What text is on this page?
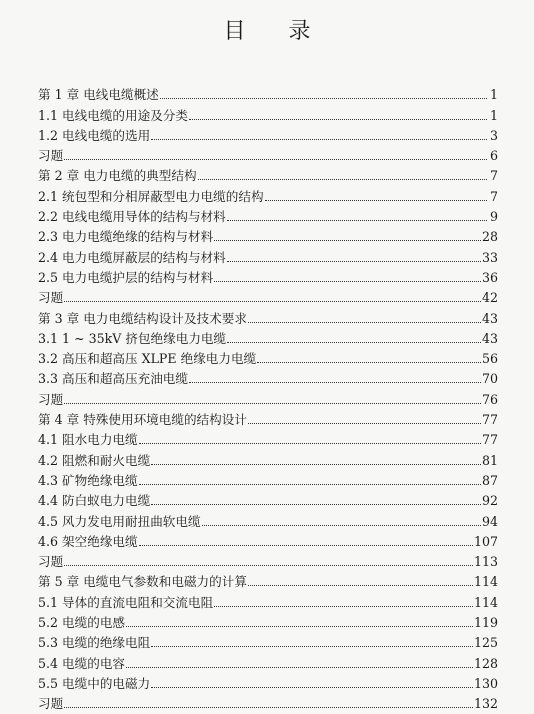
目 录
第 1 章 电线电缆概述	1
1.1 电线电缆的用途及分类	1
1.2 电线电缆的选用	3
习题	6
第 2 章 电力电缆的典型结构	7
2.1 统包型和分相屏蔽型电力电缆的结构	7
2.2 电线电缆用导体的结构与材料	9
2.3 电力电缆绝缘的结构与材料	28
2.4 电力电缆屏蔽层的结构与材料	33
2.5 电力电缆护层的结构与材料	36
习题	42
第 3 章 电力电缆结构设计及技术要求	43
3.1 1 ~ 35kV 挤包绝缘电力电缆	43
3.2 高压和超高压 XLPE 绝缘电力电缆	56
3.3 高压和超高压充油电缆	70
习题	76
第 4 章 特殊使用环境电缆的结构设计	77
4.1 阻水电力电缆	77
4.2 阻燃和耐火电缆	81
4.3 矿物绝缘电缆	87
4.4 防白蚁电力电缆	92
4.5 风力发电用耐扭曲软电缆	94
4.6 架空绝缘电缆	107
习题	113
第 5 章 电缆电气参数和电磁力的计算	114
5.1 导体的直流电阻和交流电阻	114
5.2 电缆的电感	119
5.3 电缆的绝缘电阻	125
5.4 电缆的电容	128
5.5 电缆中的电磁力	130
习题	132
